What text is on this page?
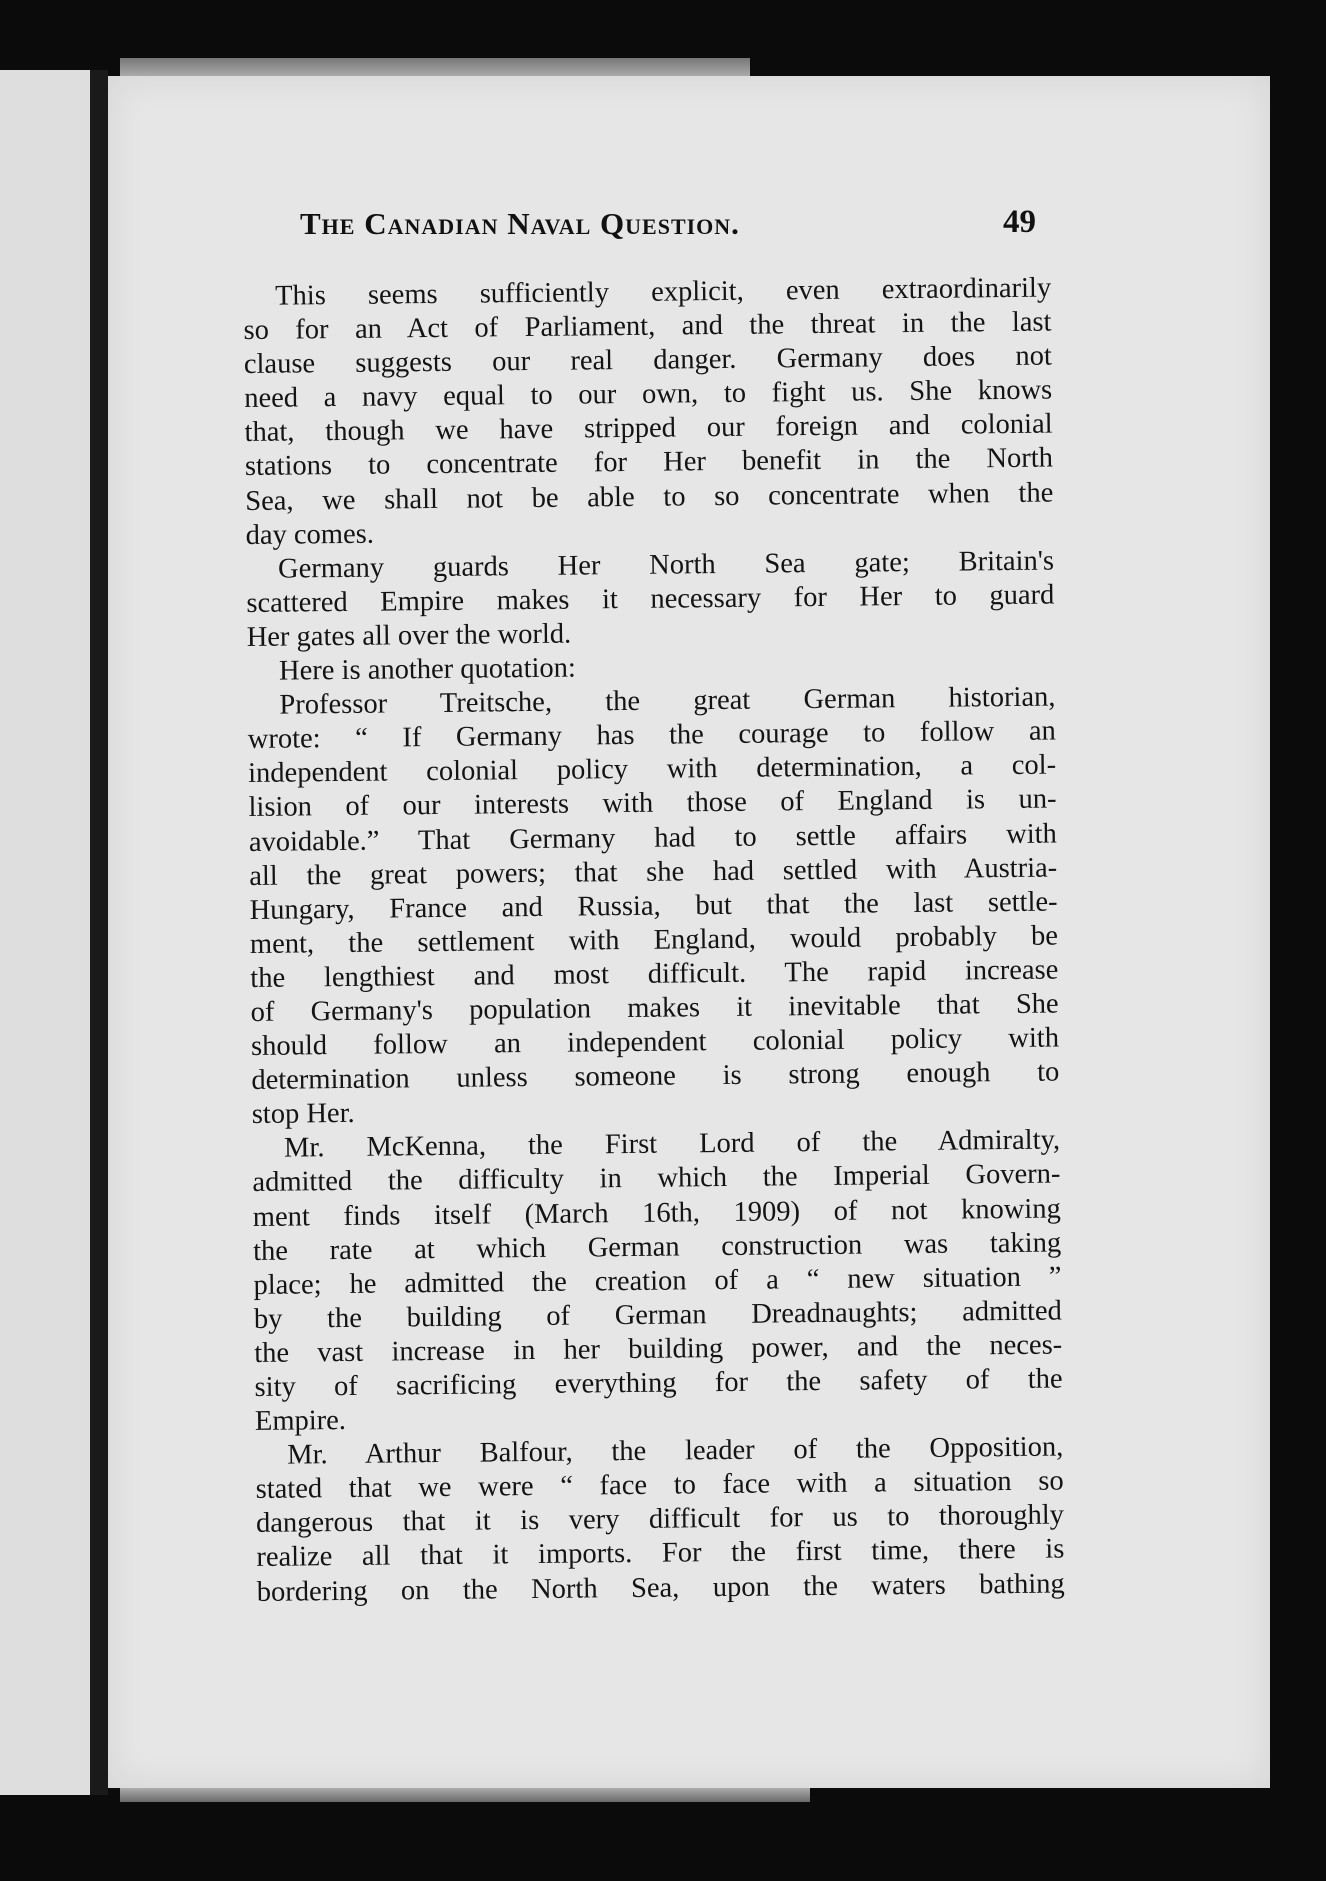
The Canadian Naval Question.	49
This seems sufficiently explicit, even extraordinarily
so for an Act of Parliament, and the threat in the last
clause suggests our real danger. Germany does not
need a navy equal to our own, to fight us. She knows
that, though we have stripped our foreign and colonial
stations to concentrate for Her benefit in the North
Sea, we shall not be able to so concentrate when the
day comes.
Germany guards Her North Sea gate; Britain's
scattered Empire makes it necessary for Her to guard
Her gates all over the world.
Here is another quotation:
Professor Treitsche, the great German historian,
wrote: “ If Germany has the courage to follow an
independent colonial policy with determination, a col-
lision of our interests with those of England is un-
avoidable.” That Germany had to settle affairs with
all the great powers; that she had settled with Austria-
Hungary, France and Russia, but that the last settle-
ment, the settlement with England, would probably be
the lengthiest and most difficult. The rapid increase
of Germany's population makes it inevitable that She
should follow an independent colonial policy with
determination unless someone is strong enough to
stop Her.
Mr. McKenna, the First Lord of the Admiralty,
admitted the difficulty in which the Imperial Govern-
ment finds itself (March 16th, 1909) of not knowing
the rate at which German construction was taking
place; he admitted the creation of a “ new situation ”
by the building of German Dreadnaughts; admitted
the vast increase in her building power, and the neces-
sity of sacrificing everything for the safety of the
Empire.
Mr. Arthur Balfour, the leader of the Opposition,
stated that we were “ face to face with a situation so
dangerous that it is very difficult for us to thoroughly
realize all that it imports. For the first time, there is
bordering on the North Sea, upon the waters bathing
